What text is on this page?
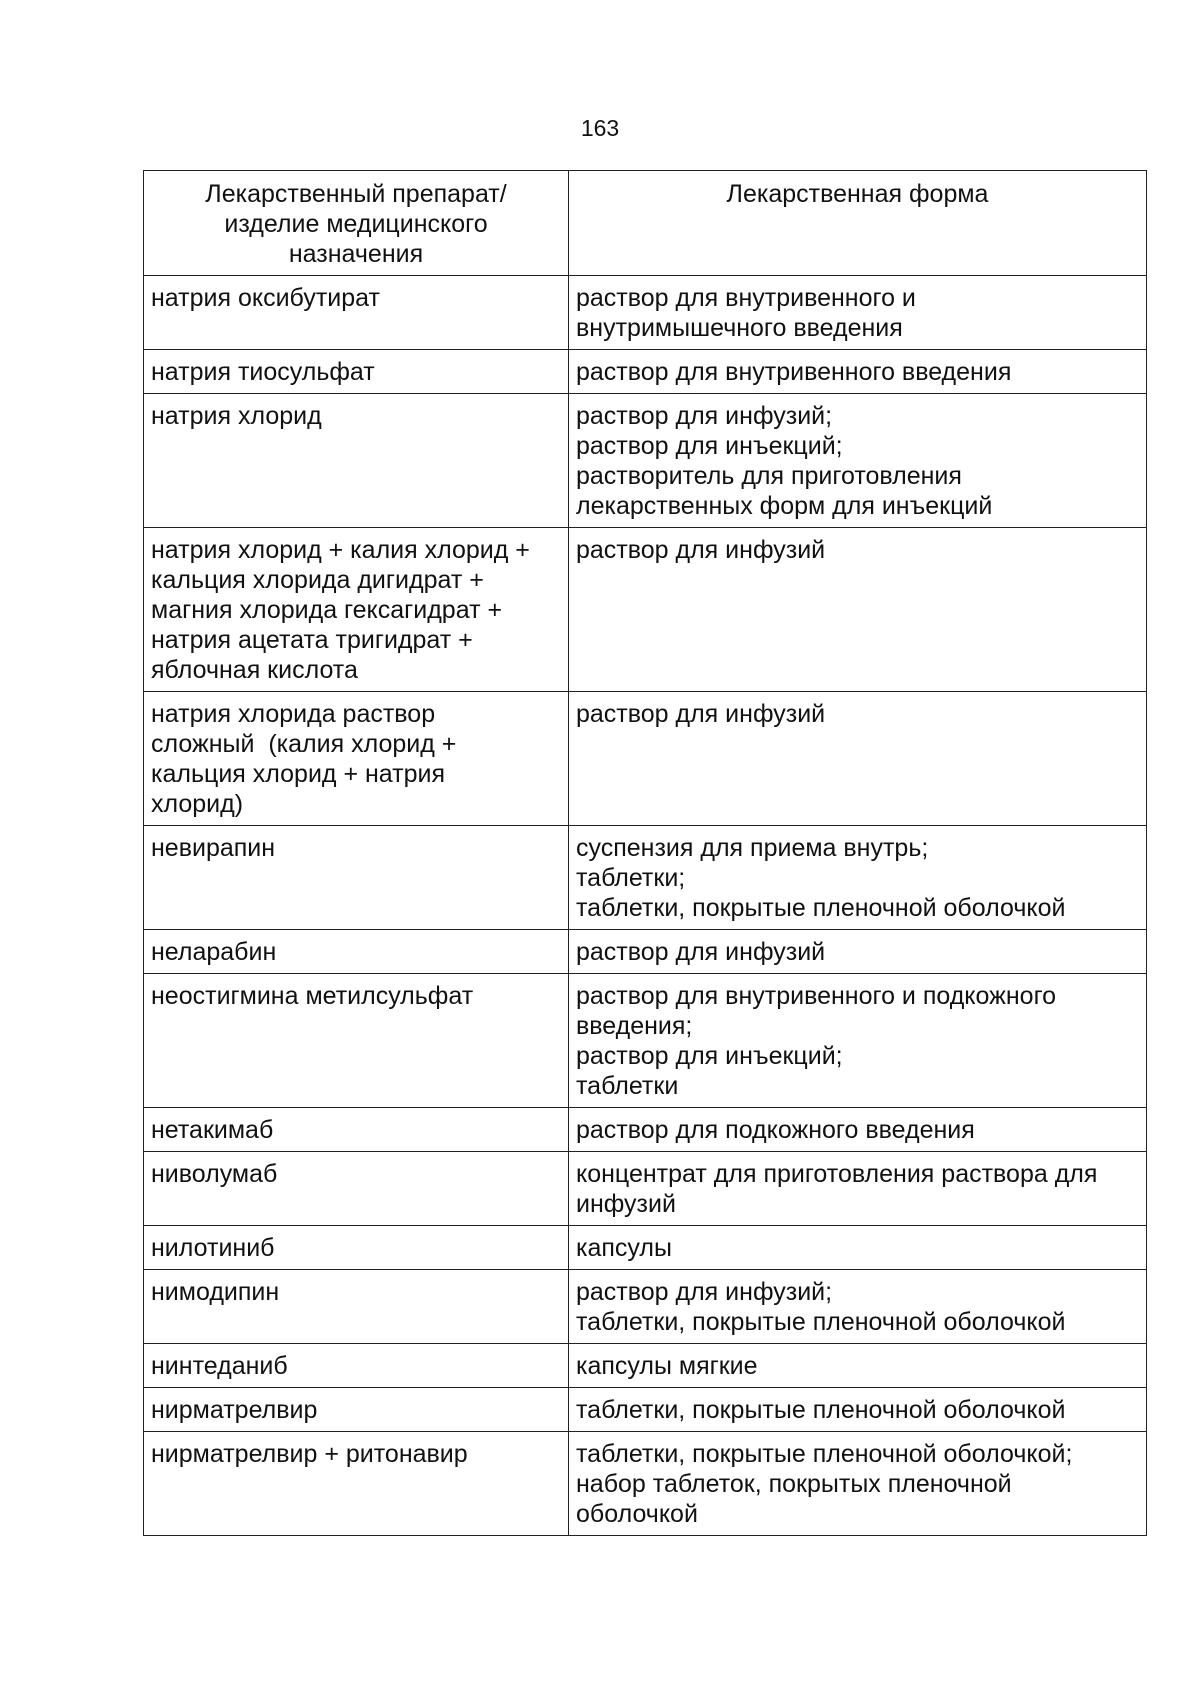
163
Лекарственный препарат/
изделие медицинского
назначения	Лекарственная форма

натрия оксибутират	раствор для внутривенного и
внутримышечного введения

натрия тиосульфат	раствор для внутривенного введения

натрия хлорид	раствор для инфузий;
раствор для инъекций;
растворитель для приготовления
лекарственных форм для инъекций

натрия хлорид + калия хлорид +
кальция хлорида дигидрат +
магния хлорида гексагидрат +
натрия ацетата тригидрат +
яблочная кислота	раствор для инфузий

натрия хлорида раствор
сложный  (калия хлорид +
кальция хлорид + натрия
хлорид)	раствор для инфузий

невирапин	суспензия для приема внутрь;
таблетки;
таблетки, покрытые пленочной оболочкой

неларабин	раствор для инфузий

неостигмина метилсульфат	раствор для внутривенного и подкожного
введения;
раствор для инъекций;
таблетки

нетакимаб	раствор для подкожного введения

ниволумаб	концентрат для приготовления раствора для
инфузий

нилотиниб	капсулы

нимодипин	раствор для инфузий;
таблетки, покрытые пленочной оболочкой

нинтеданиб	капсулы мягкие

нирматрелвир	таблетки, покрытые пленочной оболочкой

нирматрелвир + ритонавир	таблетки, покрытые пленочной оболочкой;
набор таблеток, покрытых пленочной
оболочкой
